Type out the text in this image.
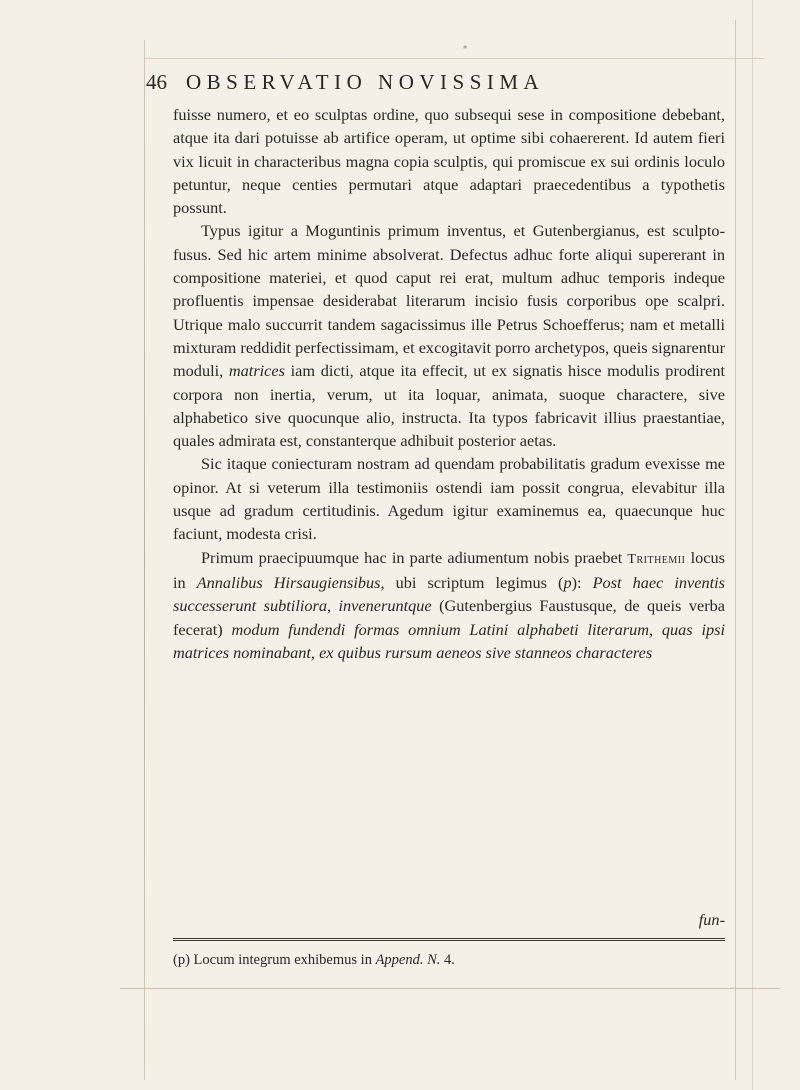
⁎
46 OBSERVATIO NOVISSIMA

fuisse numero, et eo sculptas ordine, quo subsequi sese in compositione debebant, atque ita dari potuisse ab artifice operam, ut optime sibi cohaererent. Id autem fieri vix licuit in characteribus magna copia sculptis, qui promiscue ex sui ordinis loculo petuntur, neque centies permutari atque adaptari praecedentibus a typothetis possunt.

Typus igitur a Moguntinis primum inventus, et Gutenbergianus, est sculpto-fusus. Sed hic artem minime absolverat. Defectus adhuc forte aliqui supererant in compositione materiei, et quod caput rei erat, multum adhuc temporis indeque profluentis impensae desiderabat literarum incisio fusis corporibus ope scalpri. Utrique malo succurrit tandem sagacissimus ille Petrus Schoefferus; nam et metalli mixturam reddidit perfectissimam, et excogitavit porro archetypos, queis signarentur moduli, matrices iam dicti, atque ita effecit, ut ex signatis hisce modulis prodirent corpora non inertia, verum, ut ita loquar, animata, suoque charactere, sive alphabetico sive quocunque alio, instructa. Ita typos fabricavit illius praestantiae, quales admirata est, constanterque adhibuit posterior aetas.

Sic itaque coniecturam nostram ad quendam probabilitatis gradum evexisse me opinor. At si veterum illa testimoniis ostendi iam possit congrua, elevabitur illa usque ad gradum certitudinis. Agedum igitur examinemus ea, quaecunque huc faciunt, modesta crisi.

Primum praecipuumque hac in parte adiumentum nobis praebet Trithemii locus in Annalibus Hirsaugiensibus, ubi scriptum legimus (p): Post haec inventis successerunt subtiliora, inveneruntque (Gutenbergius Faustusque, de queis verba fecerat) modum fundendi formas omnium Latini alphabeti literarum, quas ipsi matrices nominabant, ex quibus rursum aeneos sive stanneos characteres

fun-
(p) Locum integrum exhibemus in Append. N. 4.
